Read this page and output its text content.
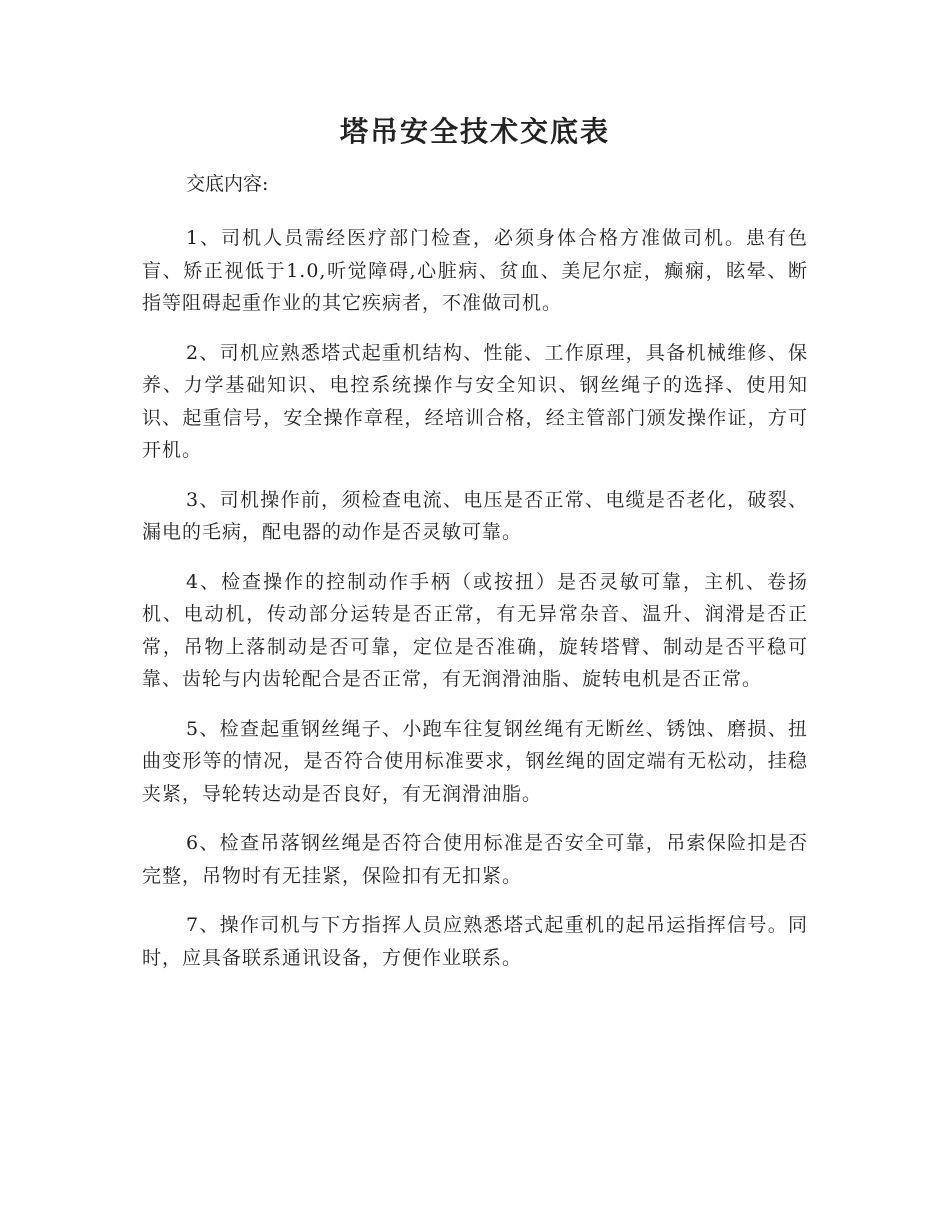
塔吊安全技术交底表

交底内容:

1、司机人员需经医疗部门检查，必须身体合格方准做司机。患有色盲、矫正视低于1.0,听觉障碍,心脏病、贫血、美尼尔症，癫痫，眩晕、断指等阻碍起重作业的其它疾病者，不准做司机。

2、司机应熟悉塔式起重机结构、性能、工作原理，具备机械维修、保养、力学基础知识、电控系统操作与安全知识、钢丝绳子的选择、使用知识、起重信号，安全操作章程，经培训合格，经主管部门颁发操作证，方可开机。

3、司机操作前，须检查电流、电压是否正常、电缆是否老化，破裂、漏电的毛病，配电器的动作是否灵敏可靠。

4、检查操作的控制动作手柄（或按扭）是否灵敏可靠，主机、卷扬机、电动机，传动部分运转是否正常，有无异常杂音、温升、润滑是否正常，吊物上落制动是否可靠，定位是否准确，旋转塔臂、制动是否平稳可靠、齿轮与内齿轮配合是否正常，有无润滑油脂、旋转电机是否正常。

5、检查起重钢丝绳子、小跑车往复钢丝绳有无断丝、锈蚀、磨损、扭曲变形等的情况，是否符合使用标准要求，钢丝绳的固定端有无松动，挂稳夹紧，导轮转达动是否良好，有无润滑油脂。

6、检查吊落钢丝绳是否符合使用标准是否安全可靠，吊索保险扣是否完整，吊物时有无挂紧，保险扣有无扣紧。

7、操作司机与下方指挥人员应熟悉塔式起重机的起吊运指挥信号。同时，应具备联系通讯设备，方便作业联系。
